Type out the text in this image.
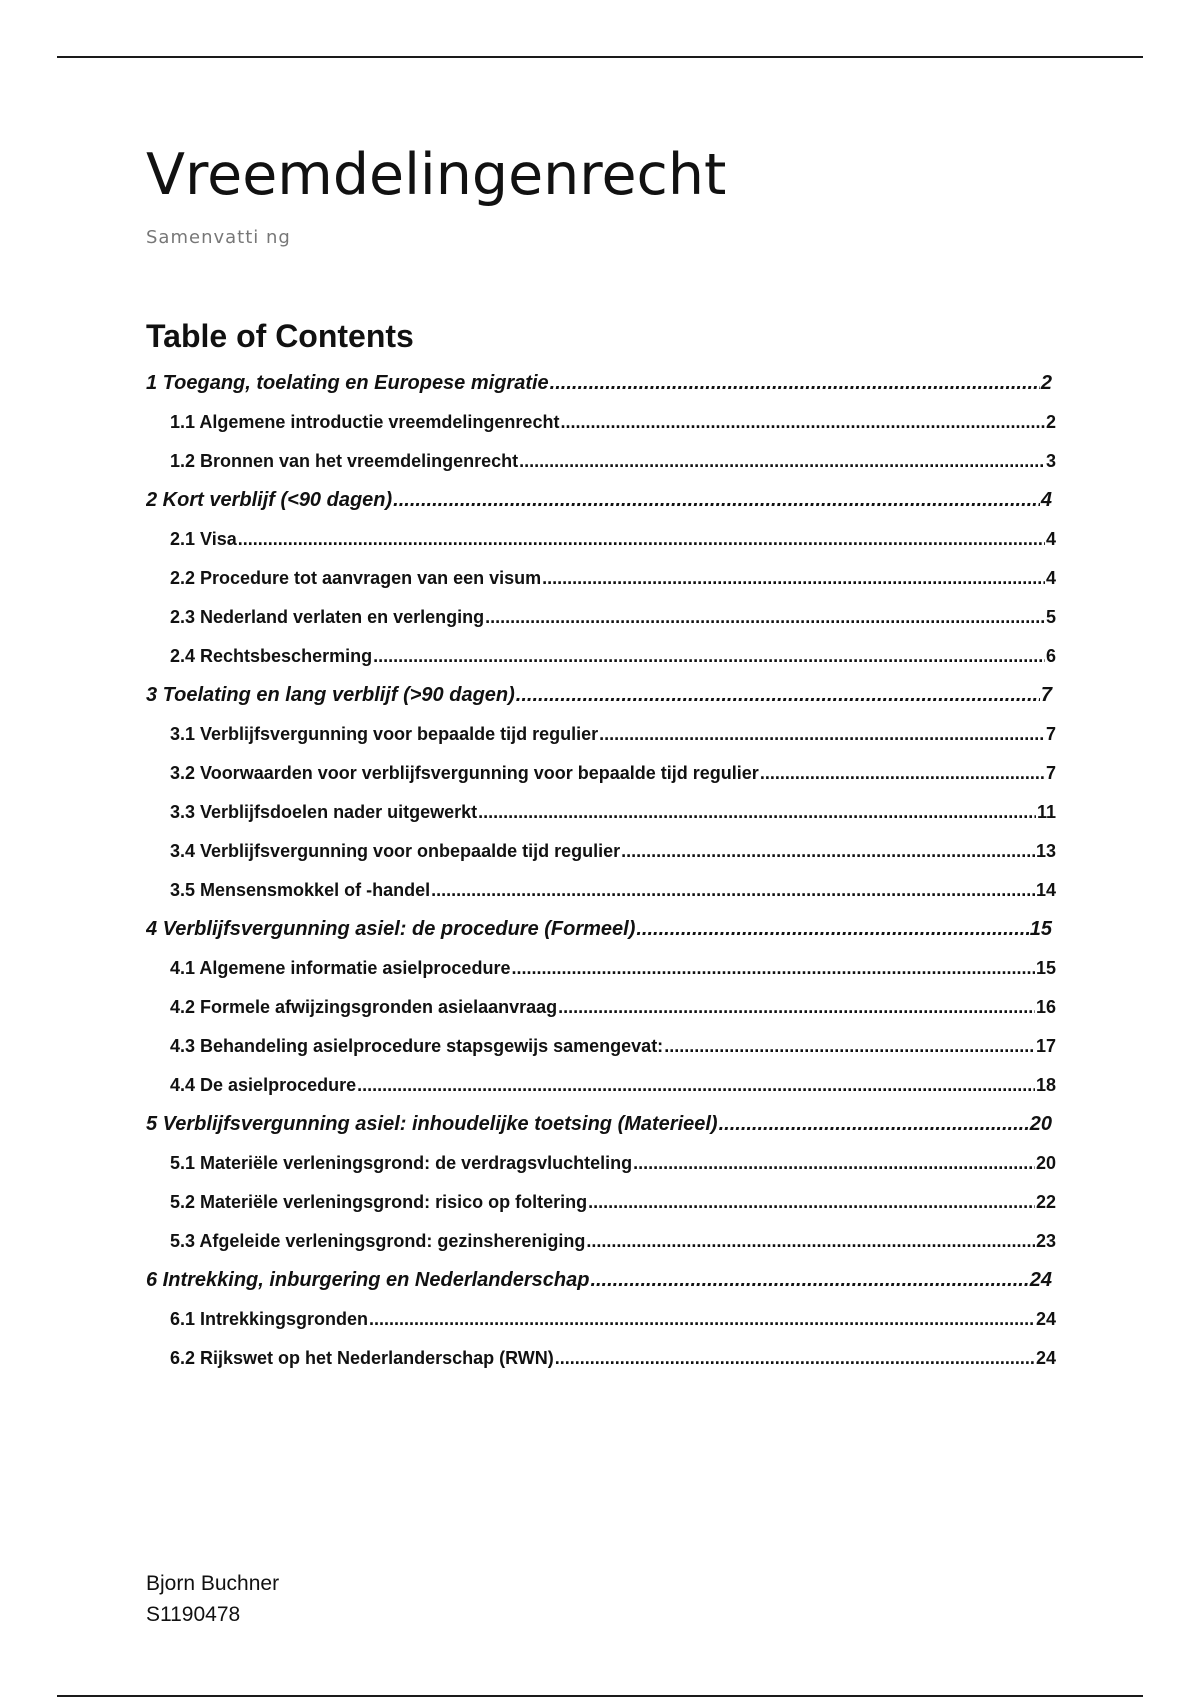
Vreemdelingenrecht

Samenvatti ng

Table of Contents
1 Toegang, toelating en Europese migratie .....	2
1.1 Algemene introductie vreemdelingenrecht .....	2
1.2 Bronnen van het vreemdelingenrecht .....	3
2 Kort verblijf (<90 dagen) .....	4
2.1 Visa .....	4
2.2 Procedure tot aanvragen van een visum .....	4
2.3 Nederland verlaten en verlenging .....	5
2.4 Rechtsbescherming .....	6
3 Toelating en lang verblijf (>90 dagen) .....	7
3.1 Verblijfsvergunning voor bepaalde tijd regulier .....	7
3.2 Voorwaarden voor verblijfsvergunning voor bepaalde tijd regulier .....	7
3.3 Verblijfsdoelen nader uitgewerkt .....	11
3.4 Verblijfsvergunning voor onbepaalde tijd regulier .....	13
3.5 Mensensmokkel of -handel .....	14
4 Verblijfsvergunning asiel: de procedure (Formeel) .....	15
4.1 Algemene informatie asielprocedure .....	15
4.2 Formele afwijzingsgronden asielaanvraag .....	16
4.3 Behandeling asielprocedure stapsgewijs samengevat: .....	17
4.4 De asielprocedure .....	18
5 Verblijfsvergunning asiel: inhoudelijke toetsing (Materieel) .....	20
5.1 Materiële verleningsgrond: de verdragsvluchteling .....	20
5.2 Materiële verleningsgrond: risico op foltering .....	22
5.3 Afgeleide verleningsgrond: gezinshereniging .....	23
6 Intrekking, inburgering en Nederlanderschap .....	24
6.1 Intrekkingsgronden .....	24
6.2 Rijkswet op het Nederlanderschap (RWN) .....	24
Bjorn Buchner
S1190478
